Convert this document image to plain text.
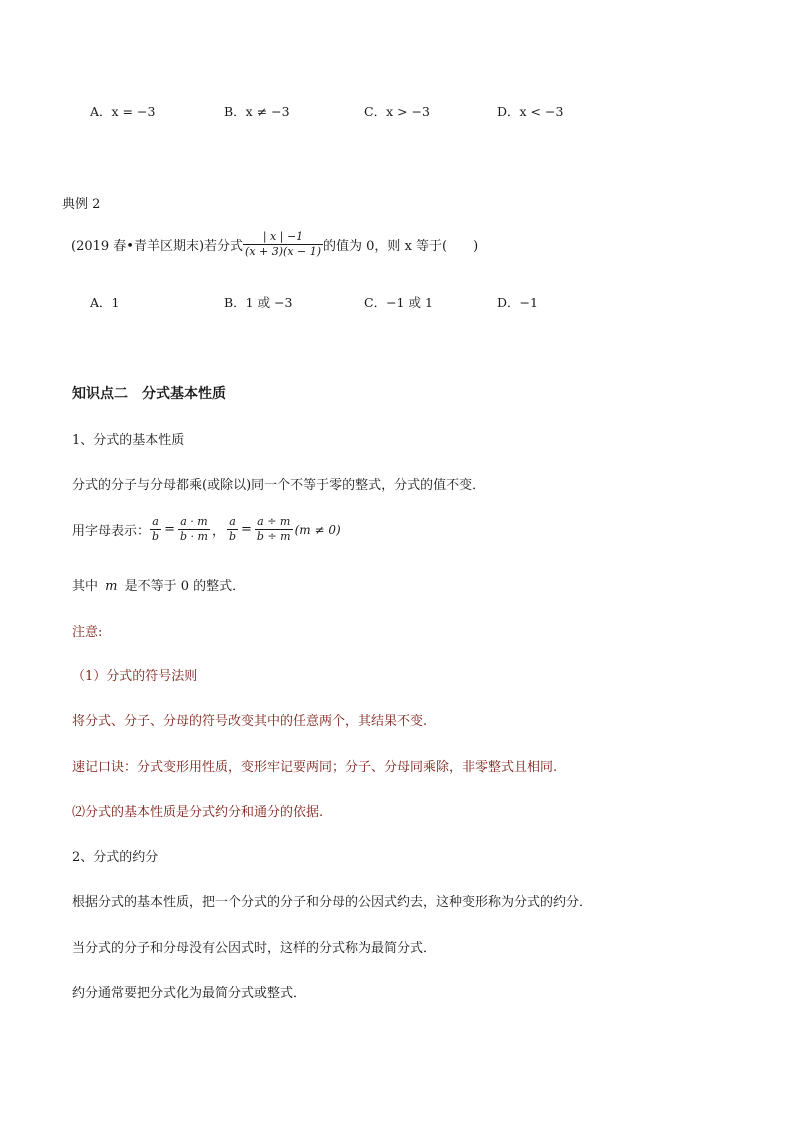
A．x = −3	B．x ≠ −3	C．x > −3	D．x < −3
典例 2
(2019 春•青羊区期末)若分式 $\frac{| x | -1}{(x + 3)(x - 1)}$ 的值为 0，则 x 等于(　　)
A．1	B．1 或 −3	C．−1 或 1	D．−1
知识点二　分式基本性质
1、分式的基本性质
分式的分子与分母都乘(或除以)同一个不等于零的整式，分式的值不变．
用字母表示： $\frac{a}{b} = \frac{a \cdot m}{b \cdot m}$ ， $\frac{a}{b} = \frac{a \div m}{b \div m} (m \ne 0)$
其中 m 是不等于 0 的整式．
注意:
（1）分式的符号法则
将分式、分子、分母的符号改变其中的任意两个，其结果不变.
速记口诀：分式变形用性质，变形牢记要两同；分子、分母同乘除，非零整式且相同.
⑵分式的基本性质是分式约分和通分的依据.
2、分式的约分
根据分式的基本性质，把一个分式的分子和分母的公因式约去，这种变形称为分式的约分．
当分式的分子和分母没有公因式时，这样的分式称为最简分式．
约分通常要把分式化为最简分式或整式．
